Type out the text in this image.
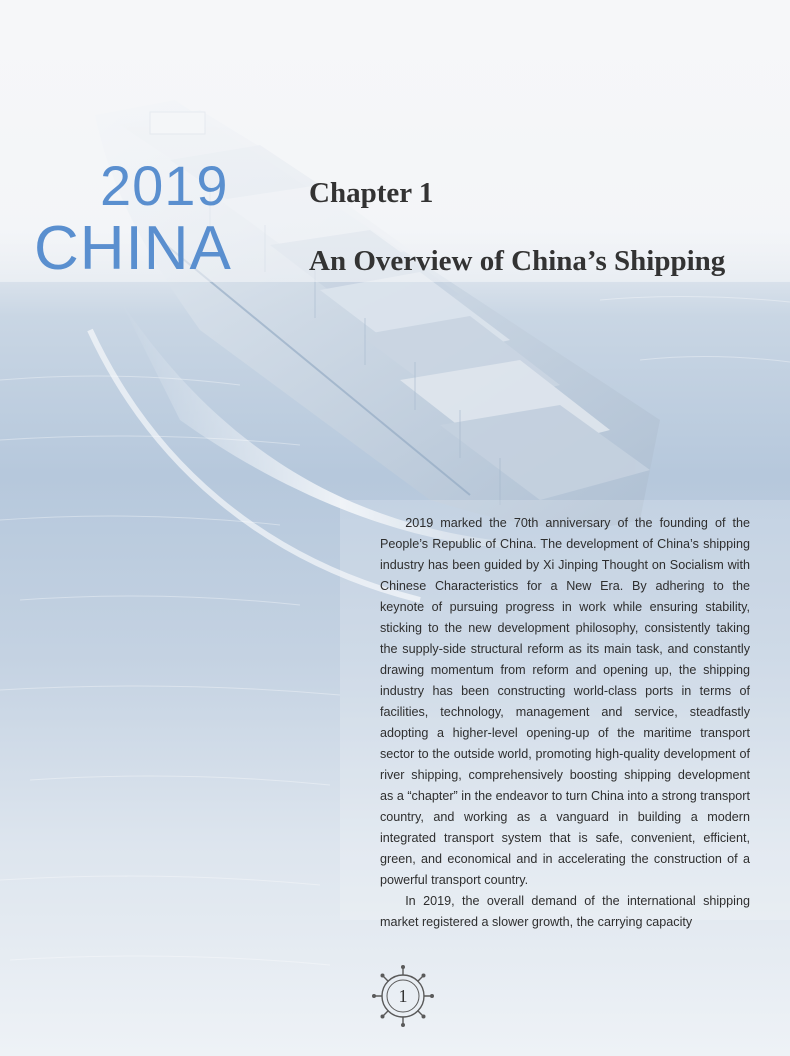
2019
CHINA
Chapter 1
An Overview of China’s Shipping

2019 marked the 70th anniversary of the founding of the People’s Republic of China. The development of China’s shipping industry has been guided by Xi Jinping Thought on Socialism with Chinese Characteristics for a New Era. By adhering to the keynote of pursuing progress in work while ensuring stability, sticking to the new development philosophy, consistently taking the supply-side structural reform as its main task, and constantly drawing momentum from reform and opening up, the shipping industry has been constructing world-class ports in terms of facilities, technology, management and service, steadfastly adopting a higher-level opening-up of the maritime transport sector to the outside world, promoting high-quality development of river shipping, comprehensively boosting shipping development as a “chapter” in the endeavor to turn China into a strong transport country, and working as a vanguard in building a modern integrated transport system that is safe, convenient, efficient, green, and economical and in accelerating the construction of a powerful transport country.

In 2019, the overall demand of the international shipping market registered a slower growth, the carrying capacity

1
